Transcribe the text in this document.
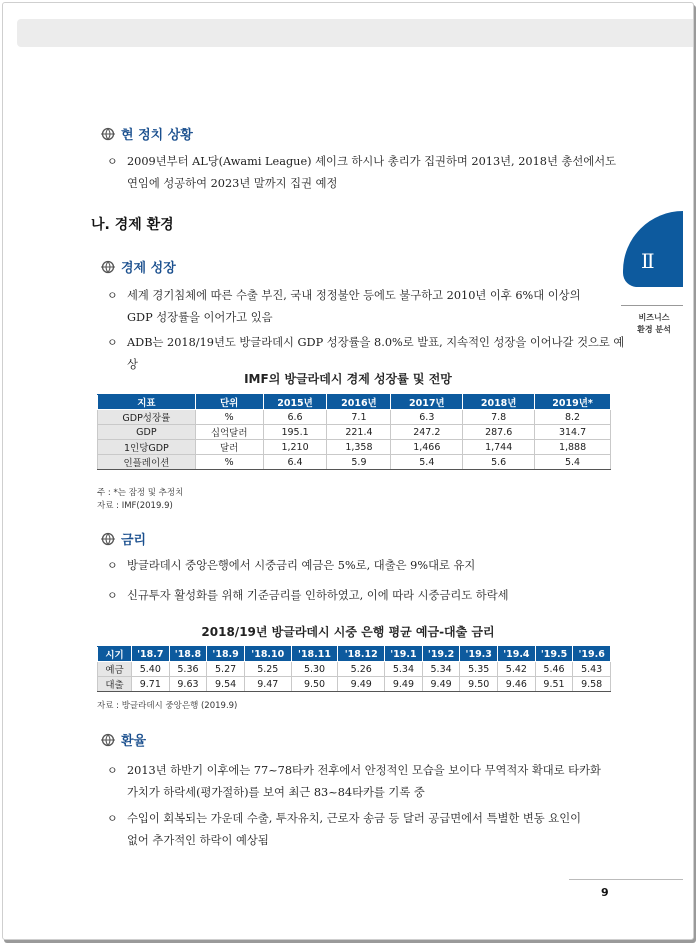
Ⅱ
비즈니스
환경 분석
현 정치 상황
ㅇ 2009년부터 AL당(Awami League) 셰이크 하시나 총리가 집권하며 2013년, 2018년 총선에서도
연임에 성공하여 2023년 말까지 집권 예정
나. 경제 환경
경제 성장
ㅇ 세계 경기침체에 따른 수출 부진, 국내 정정불안 등에도 불구하고 2010년 이후 6%대 이상의
GDP 성장률을 이어가고 있음
ㅇ ADB는 2018/19년도 방글라데시 GDP 성장률을 8.0%로 발표, 지속적인 성장을 이어나갈 것으로 예상
IMF의 방글라데시 경제 성장률 및 전망
지표	단위	2015년	2016년	2017년	2018년	2019년*
GDP성장률	%	6.6	7.1	6.3	7.8	8.2
GDP	십억달러	195.1	221.4	247.2	287.6	314.7
1인당GDP	달러	1,210	1,358	1,466	1,744	1,888
인플레이션	%	6.4	5.9	5.4	5.6	5.4
주 : *는 잠정 및 추정치
자료 : IMF(2019.9)
금리
ㅇ 방글라데시 중앙은행에서 시중금리 예금은 5%로, 대출은 9%대로 유지
ㅇ 신규투자 활성화를 위해 기준금리를 인하하였고, 이에 따라 시중금리도 하락세
2018/19년 방글라데시 시중 은행 평균 예금-대출 금리
시기	'18.7	'18.8	'18.9	'18.10	'18.11	'18.12	'19.1	'19.2	'19.3	'19.4	'19.5	'19.6
예금	5.40	5.36	5.27	5.25	5.30	5.26	5.34	5.34	5.35	5.42	5.46	5.43
대출	9.71	9.63	9.54	9.47	9.50	9.49	9.49	9.49	9.50	9.46	9.51	9.58
자료 : 방글라데시 중앙은행 (2019.9)
환율
ㅇ 2013년 하반기 이후에는 77~78타카 전후에서 안정적인 모습을 보이다 무역적자 확대로 타카화
가치가 하락세(평가절하)를 보여 최근 83~84타카를 기록 중
ㅇ 수입이 회복되는 가운데 수출, 투자유치, 근로자 송금 등 달러 공급면에서 특별한 변동 요인이
없어 추가적인 하락이 예상됨
9
